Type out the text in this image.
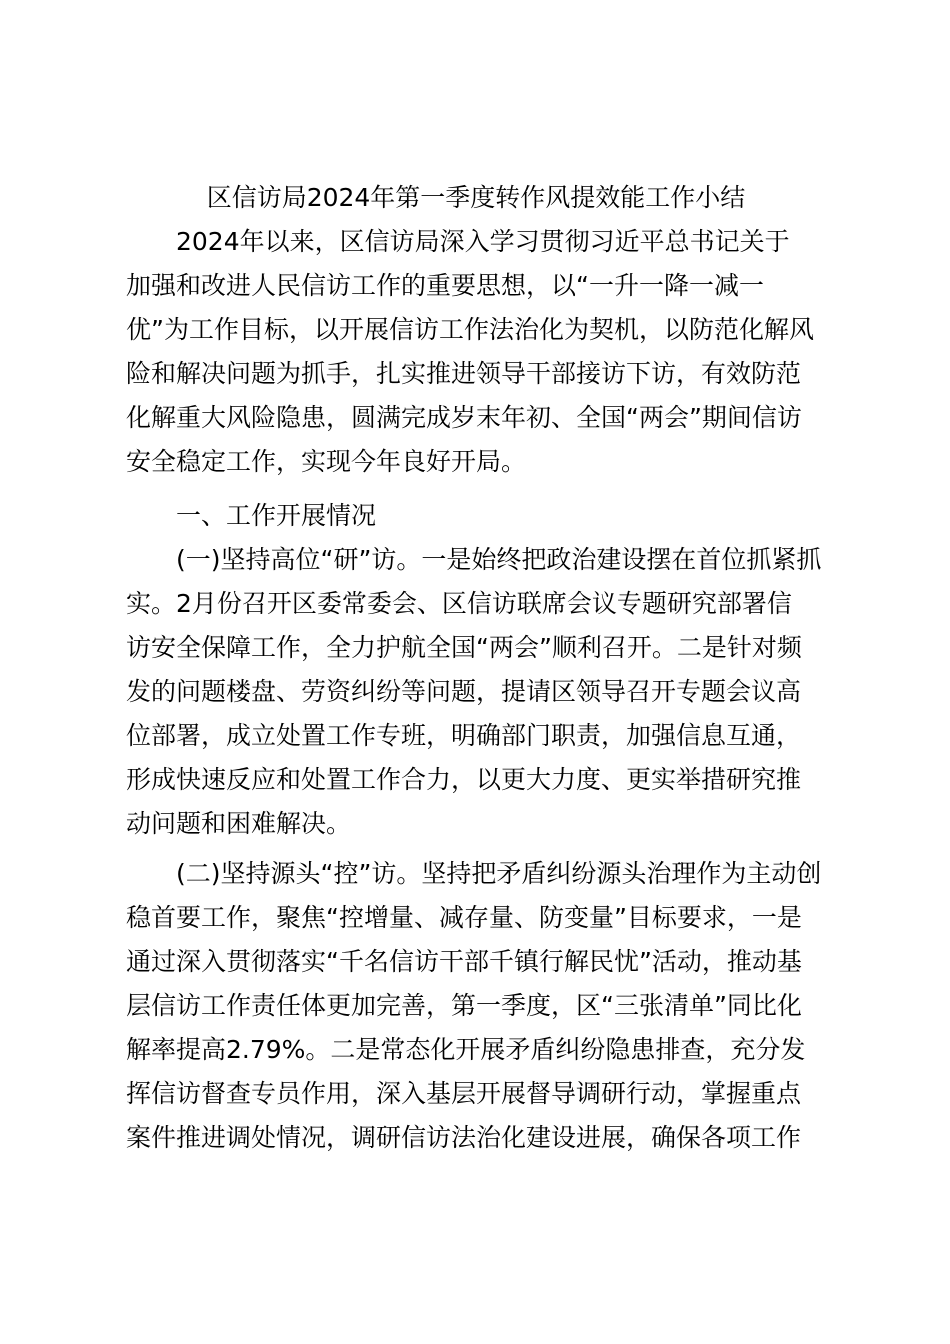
区信访局2024年第一季度转作风提效能工作小结
2024年以来，区信访局深入学习贯彻习近平总书记关于
加强和改进人民信访工作的重要思想，以“一升一降一减一
优”为工作目标，以开展信访工作法治化为契机，以防范化解风
险和解决问题为抓手，扎实推进领导干部接访下访，有效防范
化解重大风险隐患，圆满完成岁末年初、全国“两会”期间信访
安全稳定工作，实现今年良好开局。
一、工作开展情况
(一)坚持高位“研”访。一是始终把政治建设摆在首位抓紧抓
实。2月份召开区委常委会、区信访联席会议专题研究部署信
访安全保障工作，全力护航全国“两会”顺利召开。二是针对频
发的问题楼盘、劳资纠纷等问题，提请区领导召开专题会议高
位部署，成立处置工作专班，明确部门职责，加强信息互通，
形成快速反应和处置工作合力，以更大力度、更实举措研究推
动问题和困难解决。
(二)坚持源头“控”访。坚持把矛盾纠纷源头治理作为主动创
稳首要工作，聚焦“控增量、减存量、防变量”目标要求，一是
通过深入贯彻落实“千名信访干部千镇行解民忧”活动，推动基
层信访工作责任体更加完善，第一季度，区“三张清单”同比化
解率提高2.79%。二是常态化开展矛盾纠纷隐患排查，充分发
挥信访督查专员作用，深入基层开展督导调研行动，掌握重点
案件推进调处情况，调研信访法治化建设进展，确保各项工作
